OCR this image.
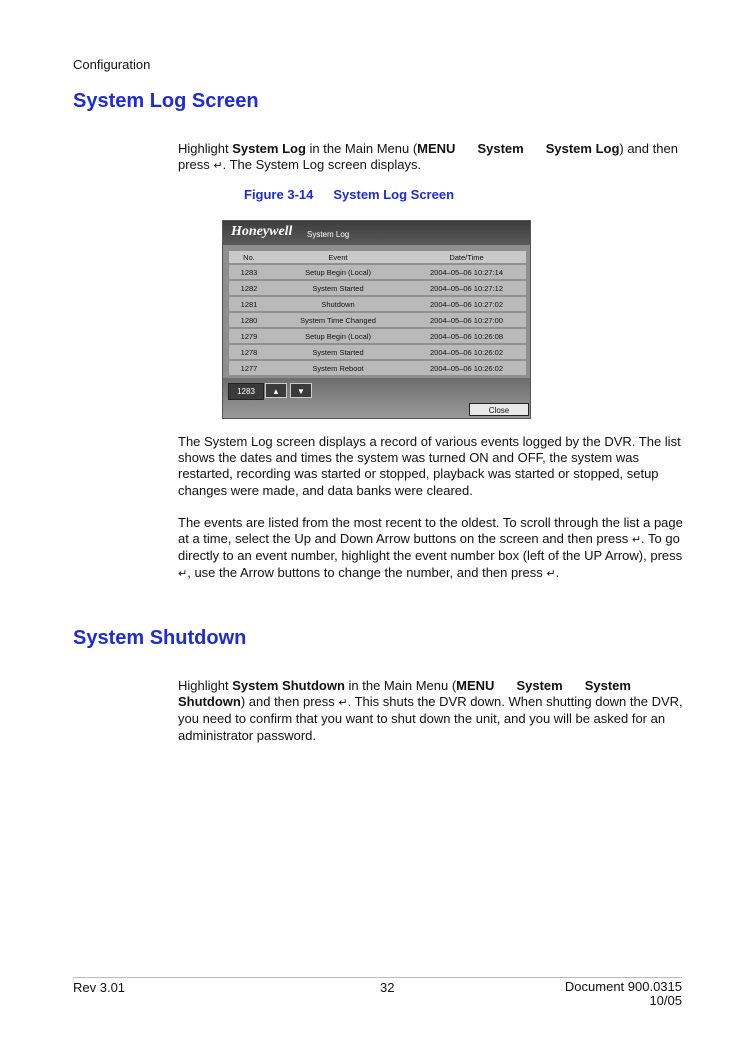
Configuration
System Log Screen

Highlight System Log in the Main Menu (MENU System System Log) and then
press ↵. The System Log screen displays.

Figure 3-14 System Log Screen
Honeywell System Log
No.	Event	Date/Time
1283	Setup Begin (Local)	2004–05–06 10:27:14
1282	System Started	2004–05–06 10:27:12
1281	Shutdown	2004–05–06 10:27:02
1280	System Time Changed	2004–05–06 10:27:00
1279	Setup Begin (Local)	2004–05–06 10:26:08
1278	System Started	2004–05–06 10:26:02
1277	System Reboot	2004–05–06 10:26:02
1283	▲	▼
Close

The System Log screen displays a record of various events logged by the DVR. The list shows the dates and times the system was turned ON and OFF, the system was restarted, recording was started or stopped, playback was started or stopped, setup changes were made, and data banks were cleared.

The events are listed from the most recent to the oldest. To scroll through the list a page at a time, select the Up and Down Arrow buttons on the screen and then press ↵. To go directly to an event number, highlight the event number box (left of the UP Arrow), press ↵, use the Arrow buttons to change the number, and then press ↵.

System Shutdown

Highlight System Shutdown in the Main Menu (MENU System System Shutdown) and then press ↵. This shuts the DVR down. When shutting down the DVR, you need to confirm that you want to shut down the unit, and you will be asked for an administrator password.

Rev 3.01	32	Document 900.0315
10/05
